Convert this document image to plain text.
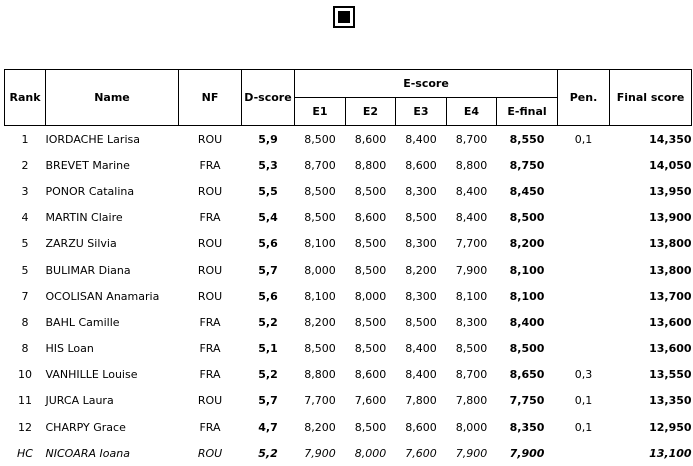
Rank	Name	NF	D-score	E-score					Pen.	Final score
				E1	E2	E3	E4	E-final		
1	IORDACHE Larisa	ROU	5,9	8,500	8,600	8,400	8,700	8,550	0,1	14,350
2	BREVET Marine	FRA	5,3	8,700	8,800	8,600	8,800	8,750		14,050
3	PONOR Catalina	ROU	5,5	8,500	8,500	8,300	8,400	8,450		13,950
4	MARTIN Claire	FRA	5,4	8,500	8,600	8,500	8,400	8,500		13,900
5	ZARZU Silvia	ROU	5,6	8,100	8,500	8,300	7,700	8,200		13,800
5	BULIMAR Diana	ROU	5,7	8,000	8,500	8,200	7,900	8,100		13,800
7	OCOLISAN Anamaria	ROU	5,6	8,100	8,000	8,300	8,100	8,100		13,700
8	BAHL Camille	FRA	5,2	8,200	8,500	8,500	8,300	8,400		13,600
8	HIS Loan	FRA	5,1	8,500	8,500	8,400	8,500	8,500		13,600
10	VANHILLE Louise	FRA	5,2	8,800	8,600	8,400	8,700	8,650	0,3	13,550
11	JURCA Laura	ROU	5,7	7,700	7,600	7,800	7,800	7,750	0,1	13,350
12	CHARPY Grace	FRA	4,7	8,200	8,500	8,600	8,000	8,350	0,1	12,950
HC	NICOARA Ioana	ROU	5,2	7,900	8,000	7,600	7,900	7,900		13,100
